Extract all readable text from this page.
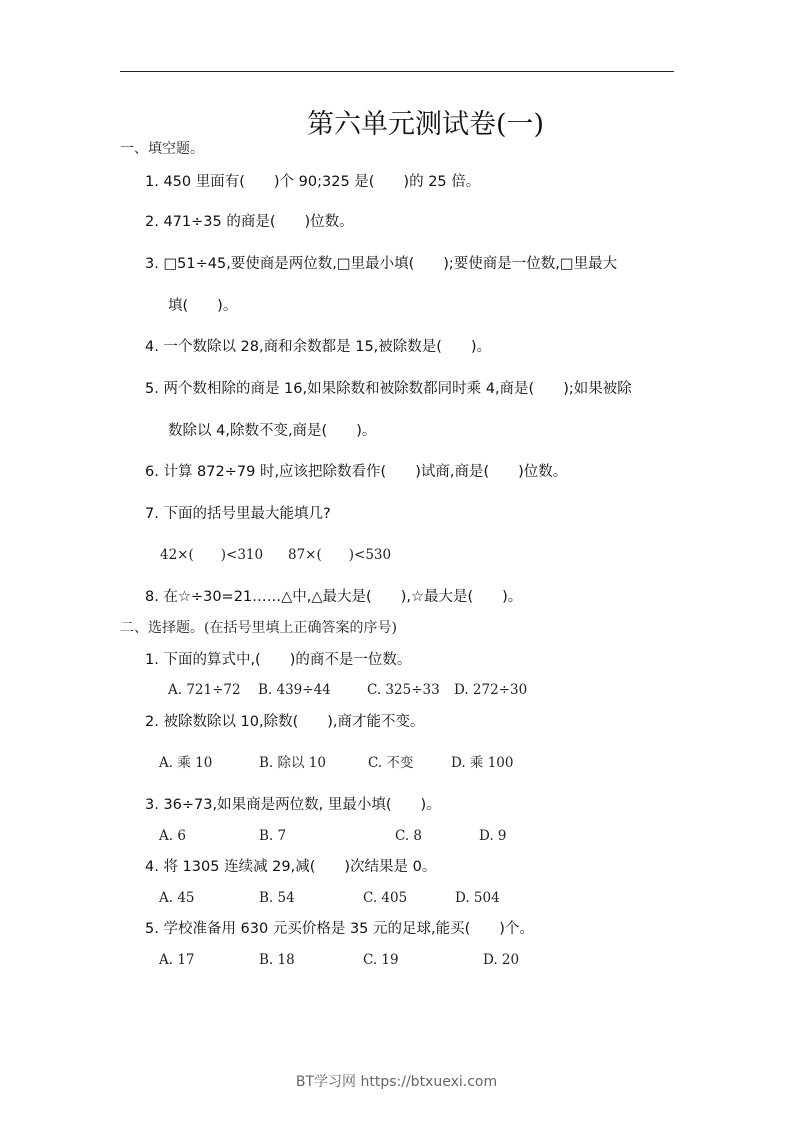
第六单元测试卷(一)
一、填空题。
1. 450 里面有(　　)个 90;325 是(　　)的 25 倍。
2. 471÷35 的商是(　　)位数。
3. □51÷45,要使商是两位数,□里最小填(　　);要使商是一位数,□里最大
填(　　)。
4. 一个数除以 28,商和余数都是 15,被除数是(　　)。
5. 两个数相除的商是 16,如果除数和被除数都同时乘 4,商是(　　);如果被除
数除以 4,除数不变,商是(　　)。
6. 计算 872÷79 时,应该把除数看作(　　)试商,商是(　　)位数。
7. 下面的括号里最大能填几?
42×(　　)<310 87×(　　)<530
8. 在☆÷30=21……△中,△最大是(　　),☆最大是(　　)。
二、选择题。(在括号里填上正确答案的序号)
1. 下面的算式中,(　　)的商不是一位数。
A. 721÷72 B. 439÷44	C. 325÷33 D. 272÷30
2. 被除数除以 10,除数(　　),商才能不变。
A. 乘 10	B. 除以 10	C. 不变	D. 乘 100
3. 36÷73,如果商是两位数, 里最小填(　　)。
A. 6	B. 7	C. 8	D. 9
4. 将 1305 连续减 29,减(　　)次结果是 0。
A. 45	B. 54	C. 405	D. 504
5. 学校准备用 630 元买价格是 35 元的足球,能买(　　)个。
A. 17	B. 18	C. 19	D. 20
BT学习网 https://btxuexi.com
